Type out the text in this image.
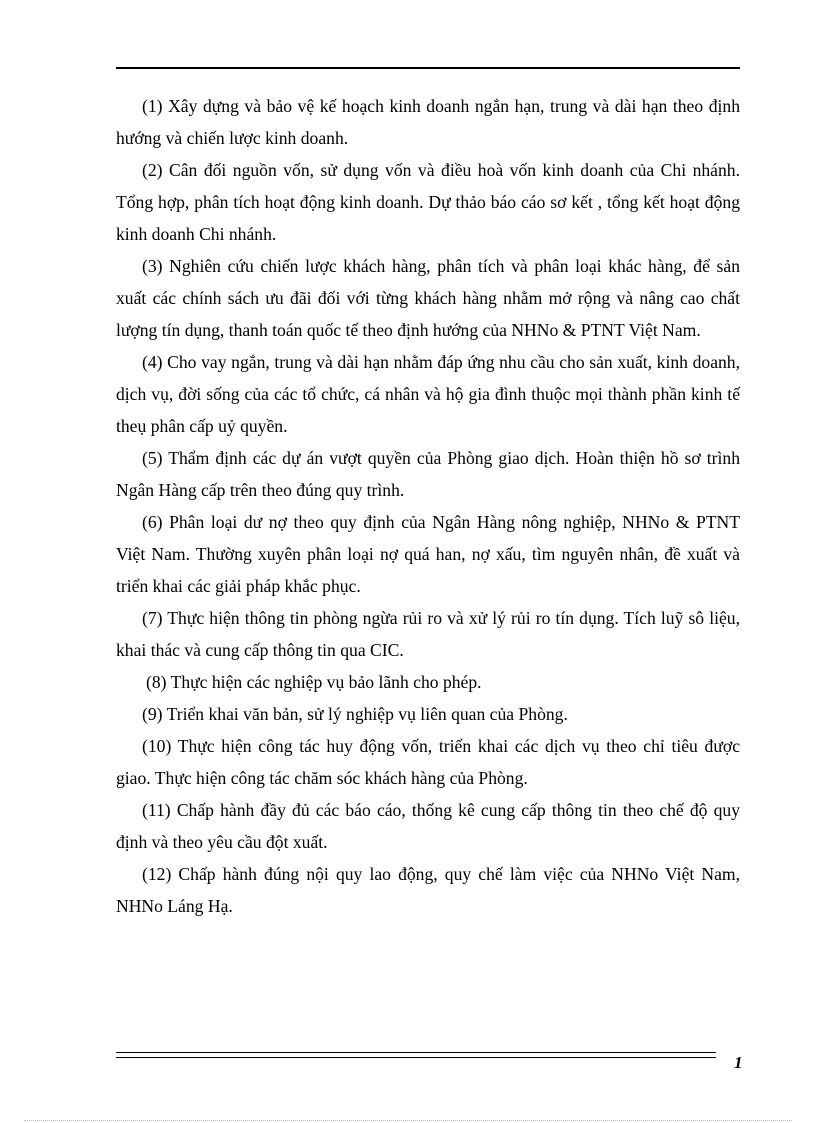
(1) Xây dựng và bảo vệ kế hoạch kinh doanh ngắn hạn, trung và dài hạn theo định hướng và chiến lược kinh doanh.

(2) Cân đối nguồn vốn, sử dụng vốn và điều hoà vốn kinh doanh của Chi nhánh. Tổng hợp, phân tích hoạt động kinh doanh. Dự thảo báo cáo sơ kết , tổng kết hoạt động kinh doanh Chi nhánh.

(3) Nghiên cứu chiến lược khách hàng, phân tích và phân loại khác hàng, để sản xuất các chính sách ưu đãi đối với từng khách hàng nhằm mở rộng và nâng cao chất lượng tín dụng, thanh toán quốc tế theo định hướng của NHNo & PTNT Việt Nam.

(4) Cho vay ngắn, trung và dài hạn nhằm đáp ứng nhu cầu cho sản xuất, kinh doanh, dịch vụ, đời sống của các tổ chức, cá nhân và hộ gia đình thuộc mọi thành phần kinh tế theụ phân cấp uỷ quyền.

(5) Thẩm định các dự án vượt quyền của Phòng giao dịch. Hoàn thiện hồ sơ trình Ngân Hàng cấp trên theo đúng quy trình.

(6) Phân loại dư nợ theo quy định của Ngân Hàng nông nghiệp, NHNo & PTNT Việt Nam. Thường xuyên phân loại nợ quá han, nợ xấu, tìm nguyên nhân, đề xuất và triển khai các giải pháp khắc phục.

(7) Thực hiện thông tin phòng ngừa rủi ro và xử lý rủi ro tín dụng. Tích luỹ sô liệu, khai thác và cung cấp thông tin qua CIC.

(8) Thực hiện các nghiệp vụ bảo lãnh cho phép.

(9) Triển khai văn bản, sử lý nghiệp vụ liên quan của Phòng.

(10) Thực hiện công tác huy động vốn, triển khai các dịch vụ theo chỉ tiêu được giao. Thực hiện công tác chăm sóc khách hàng của Phòng.

(11) Chấp hành đầy đủ các báo cáo, thống kê cung cấp thông tin theo chế độ quy định và theo yêu cầu đột xuất.

(12) Chấp hành đúng nội quy lao động, quy chế làm việc của NHNo Việt Nam, NHNo Láng Hạ.

1
